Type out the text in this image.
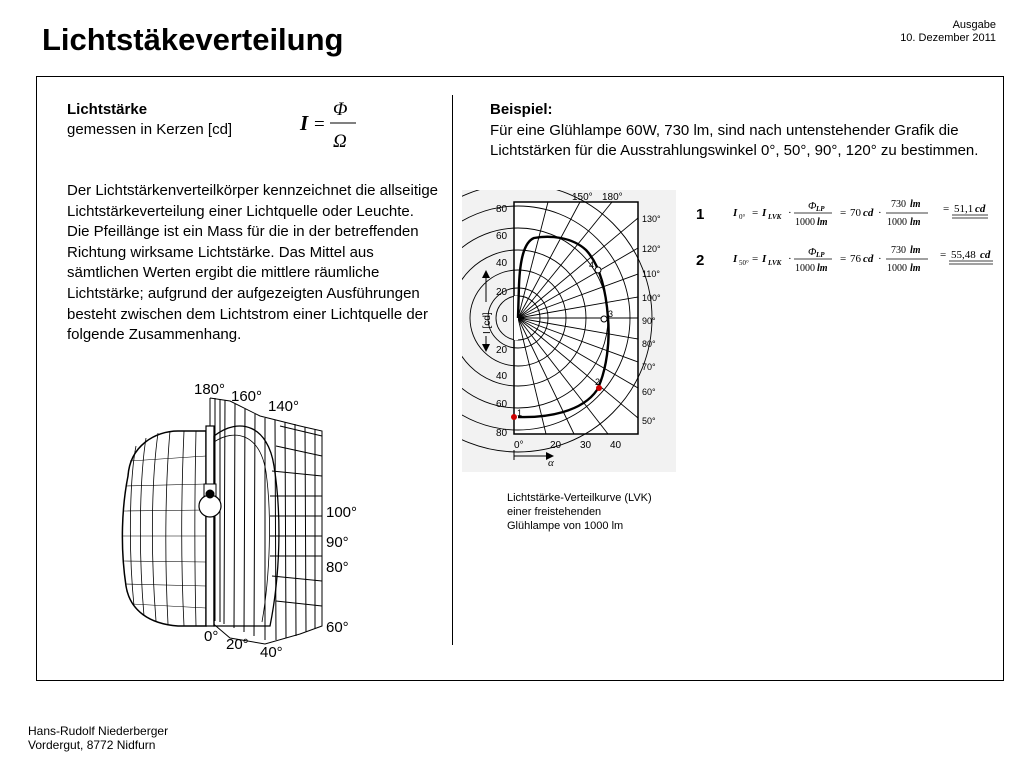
Lichtstäkeverteilung	Ausgabe
10. Dezember 2011
Lichtstärke
gemessen in Kerzen [cd]	I =
Φ
Ω
Der Lichtstärkenverteilkörper kennzeichnet die allseitige Lichtstärkeverteilung einer Lichtquelle oder Leuchte. Die Pfeillänge ist ein Mass für die in der betreffenden Richtung wirksame Lichtstärke. Das Mittel aus sämtlichen Werten ergibt die mittlere räumliche Lichtstärke; aufgrund der aufgezeigten Ausführungen besteht zwischen dem Lichtstrom einer Lichtquelle der folgende Zusammenhang.
180° 160°
140°
100°
90°
80°
60°
0° 20° 40°
Beispiel:
Für eine Glühlampe 60W, 730 lm, sind nach untenstehender Grafik die Lichtstärken für die Ausstrahlungswinkel 0°, 50°, 90°, 120° zu bestimmen.
1
2
3
4
80
60
40
20
0
20
40
60
80
0°	20 30 40
150° 180°
130°
120°
110°
100°
90°
80°
70°
60°
50°
I [cd]
α
Lichtstärke-Verteilkurve (LVK) einer freistehenden Glühlampe von 1000 lm
1	I 0° = I LVK ·
Φ LP
1000 lm
= 70 cd ·
730 lm
1000 lm
= 51,1 cd
2	I 50° = I LVK ·
Φ LP
1000 lm
= 76 cd ·
730 lm
1000 lm
= 55,48 cd
Hans-Rudolf Niederberger
Vordergut, 8772 Nidfurn
